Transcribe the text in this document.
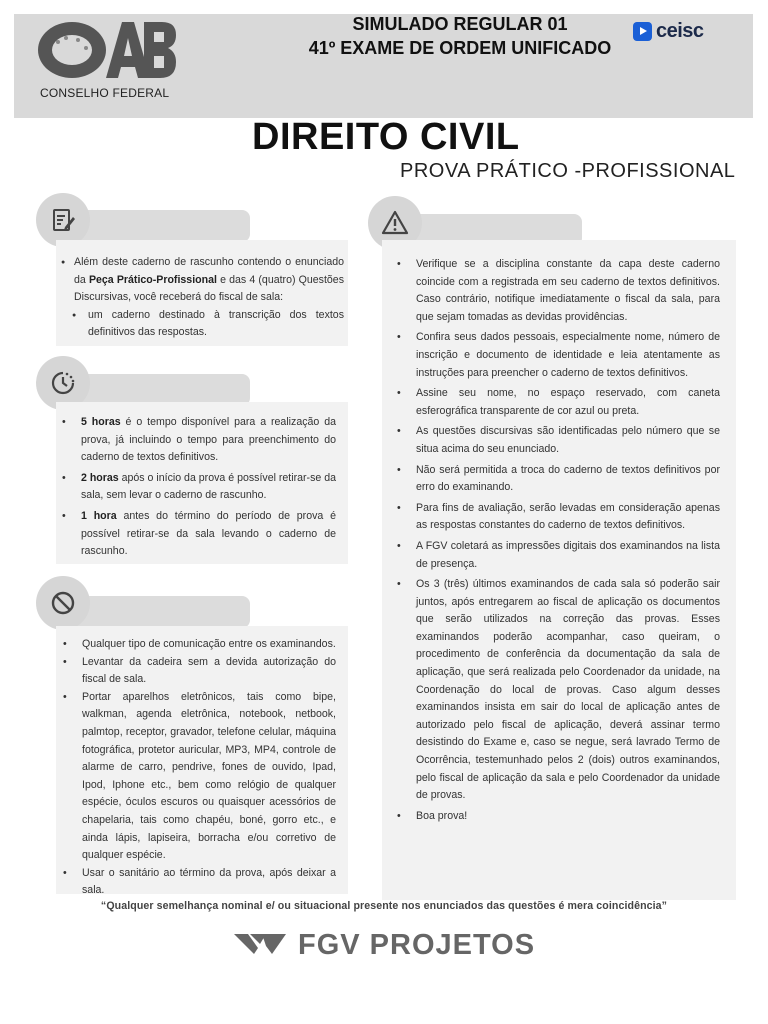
CONSELHO FEDERAL
SIMULADO REGULAR 01
41º EXAME DE ORDEM UNIFICADO
ceisc
DIREITO CIVIL
PROVA PRÁTICO -PROFISSIONAL
● Além deste caderno de rascunho contendo o enunciado da Peça Prático-Profissional e das 4 (quatro) Questões Discursivas, você receberá do fiscal de sala:
● um caderno destinado à transcrição dos textos definitivos das respostas.
• 5 horas é o tempo disponível para a realização da prova, já incluindo o tempo para preenchimento do caderno de textos definitivos.
• 2 horas após o início da prova é possível retirar-se da sala, sem levar o caderno de rascunho.
• 1 hora antes do término do período de prova é possível retirar-se da sala levando o caderno de rascunho.
• Qualquer tipo de comunicação entre os examinandos.
• Levantar da cadeira sem a devida autorização do fiscal de sala.
• Portar aparelhos eletrônicos, tais como bipe, walkman, agenda eletrônica, notebook, netbook, palmtop, receptor, gravador, telefone celular, máquina fotográfica, protetor auricular, MP3, MP4, controle de alarme de carro, pendrive, fones de ouvido, Ipad, Ipod, Iphone etc., bem como relógio de qualquer espécie, óculos escuros ou quaisquer acessórios de chapelaria, tais como chapéu, boné, gorro etc., e ainda lápis, lapiseira, borracha e/ou corretivo de qualquer espécie.
• Usar o sanitário ao término da prova, após deixar a sala.
• Verifique se a disciplina constante da capa deste caderno coincide com a registrada em seu caderno de textos definitivos. Caso contrário, notifique imediatamente o fiscal da sala, para que sejam tomadas as devidas providências.
• Confira seus dados pessoais, especialmente nome, número de inscrição e documento de identidade e leia atentamente as instruções para preencher o caderno de textos definitivos.
• Assine seu nome, no espaço reservado, com caneta esferográfica transparente de cor azul ou preta.
• As questões discursivas são identificadas pelo número que se situa acima do seu enunciado.
• Não será permitida a troca do caderno de textos definitivos por erro do examinando.
• Para fins de avaliação, serão levadas em consideração apenas as respostas constantes do caderno de textos definitivos.
• A FGV coletará as impressões digitais dos examinandos na lista de presença.
• Os 3 (três) últimos examinandos de cada sala só poderão sair juntos, após entregarem ao fiscal de aplicação os documentos que serão utilizados na correção das provas. Esses examinandos poderão acompanhar, caso queiram, o procedimento de conferência da documentação da sala de aplicação, que será realizada pelo Coordenador da unidade, na Coordenação do local de provas. Caso algum desses examinandos insista em sair do local de aplicação antes de autorizado pelo fiscal de aplicação, deverá assinar termo desistindo do Exame e, caso se negue, será lavrado Termo de Ocorrência, testemunhado pelos 2 (dois) outros examinandos, pelo fiscal de aplicação da sala e pelo Coordenador da unidade de provas.
• Boa prova!
“Qualquer semelhança nominal e/ ou situacional presente nos enunciados das questões é mera coincidência”
FGV PROJETOS
